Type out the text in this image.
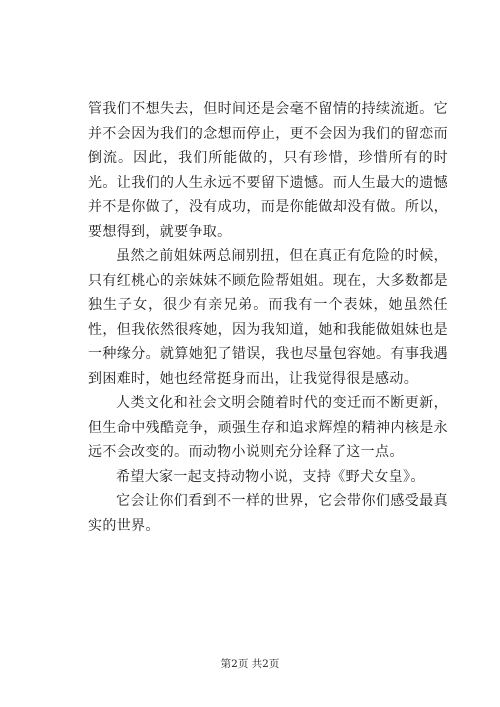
管我们不想失去，但时间还是会毫不留情的持续流逝。它并不会因为我们的念想而停止，更不会因为我们的留恋而倒流。因此，我们所能做的，只有珍惜，珍惜所有的时光。让我们的人生永远不要留下遗憾。而人生最大的遗憾并不是你做了，没有成功，而是你能做却没有做。所以，要想得到，就要争取。

虽然之前姐妹两总闹别扭，但在真正有危险的时候，只有红桃心的亲妹妹不顾危险帮姐姐。现在，大多数都是独生子女，很少有亲兄弟。而我有一个表妹，她虽然任性，但我依然很疼她，因为我知道，她和我能做姐妹也是一种缘分。就算她犯了错误，我也尽量包容她。有事我遇到困难时，她也经常挺身而出，让我觉得很是感动。

人类文化和社会文明会随着时代的变迁而不断更新，但生命中残酷竞争，顽强生存和追求辉煌的精神内核是永远不会改变的。而动物小说则充分诠释了这一点。

希望大家一起支持动物小说，支持《野犬女皇》。

它会让你们看到不一样的世界，它会带你们感受最真实的世界。

第2页 共2页
